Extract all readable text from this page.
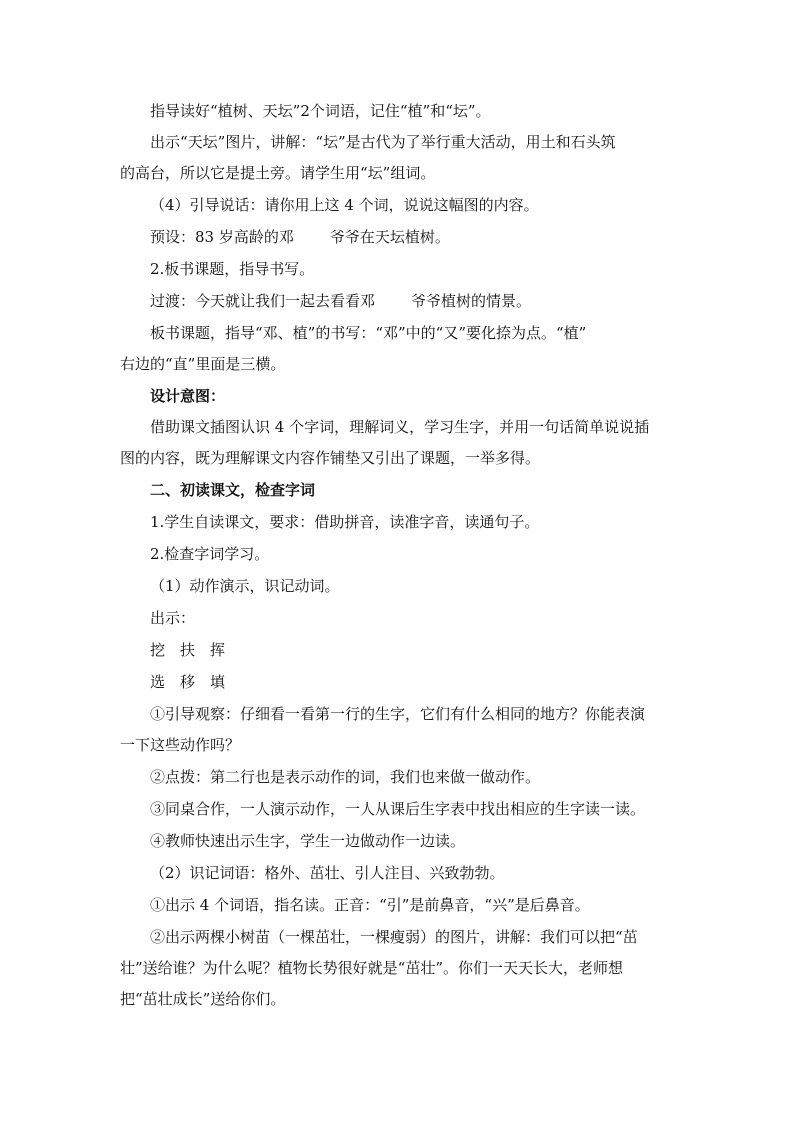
指导读好“植树、天坛”2个词语，记住“植”和“坛”。

出示“天坛”图片，讲解：“坛”是古代为了举行重大活动，用土和石头筑

的高台，所以它是提土旁。请学生用“坛”组词。

（4）引导说话：请你用上这 4 个词，说说这幅图的内容。

预设：83 岁高龄的邓 爷爷在天坛植树。

2.板书课题，指导书写。

过渡：今天就让我们一起去看看邓 爷爷植树的情景。

板书课题，指导“邓、植”的书写：“邓”中的“又”要化捺为点。“植”

右边的“直”里面是三横。

设计意图：

借助课文插图认识 4 个字词，理解词义，学习生字，并用一句话简单说说插

图的内容，既为理解课文内容作铺垫又引出了课题，一举多得。

二、初读课文，检查字词

1.学生自读课文，要求：借助拼音，读准字音，读通句子。

2.检查字词学习。

（1）动作演示，识记动词。

出示：

挖　扶　挥

选　移　填

①引导观察：仔细看一看第一行的生字，它们有什么相同的地方？你能表演

一下这些动作吗？

②点拨：第二行也是表示动作的词，我们也来做一做动作。

③同桌合作，一人演示动作，一人从课后生字表中找出相应的生字读一读。

④教师快速出示生字，学生一边做动作一边读。

（2）识记词语：格外、茁壮、引人注目、兴致勃勃。

①出示 4 个词语，指名读。正音：“引”是前鼻音，“兴”是后鼻音。

②出示两棵小树苗（一棵茁壮，一棵瘦弱）的图片，讲解：我们可以把“茁

壮”送给谁？为什么呢？植物长势很好就是“茁壮”。你们一天天长大，老师想

把“茁壮成长”送给你们。
